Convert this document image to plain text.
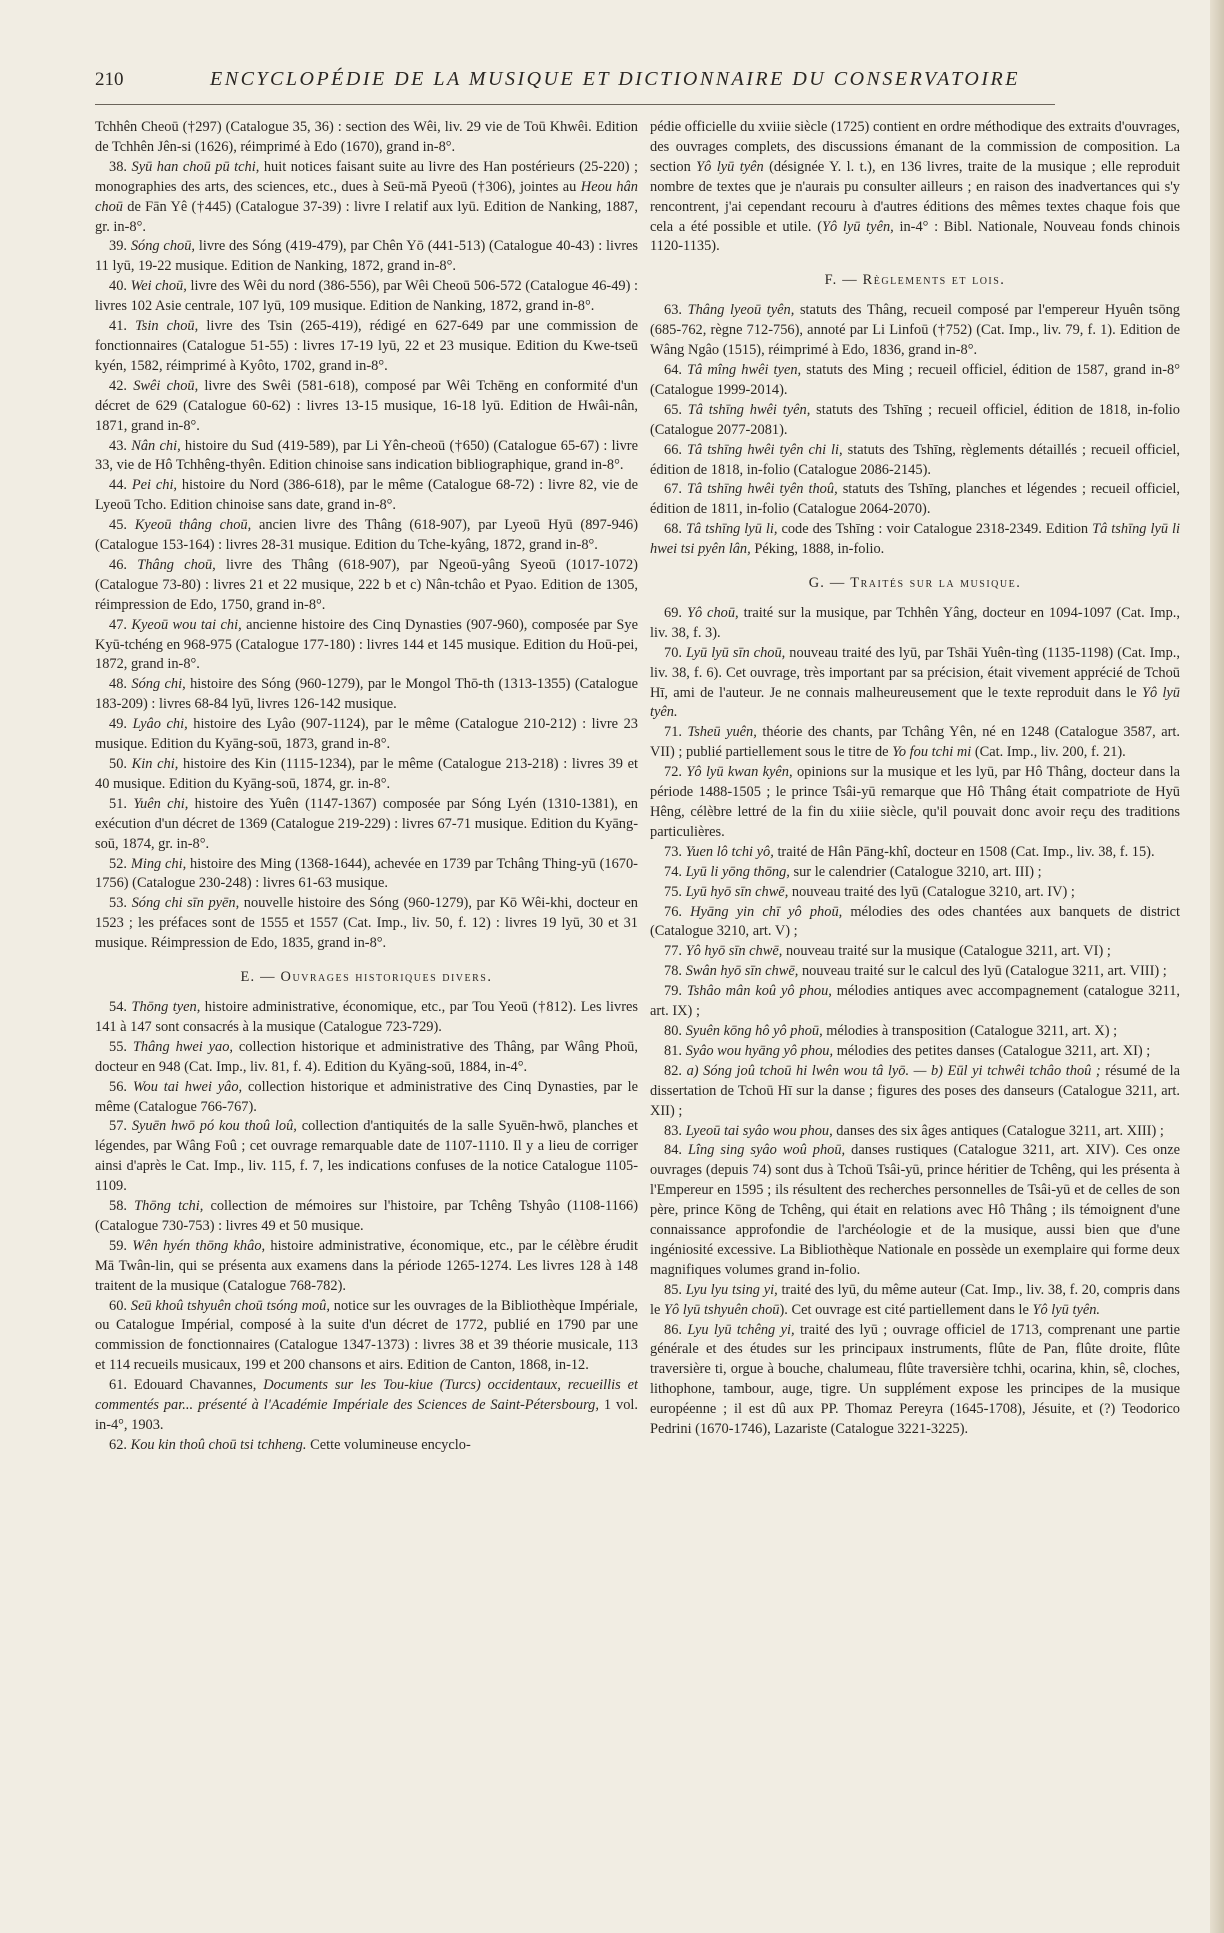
210	ENCYCLOPÉDIE DE LA MUSIQUE ET DICTIONNAIRE DU CONSERVATOIRE

Tchhên Cheoū (†297) (Catalogue 35, 36) : section des Wêi, liv. 29 vie de Toū Khwêi. Edition de Tchhên Jên-si (1626), réimprimé à Edo (1670), grand in-8°.

38. Syū han choū pū tchi, huit notices faisant suite au livre des Han postérieurs (25-220) ; monographies des arts, des sciences, etc., dues à Seū-mă Pyeoū (†306), jointes au Heou hân choū de Fān Yê (†445) (Catalogue 37-39) : livre I relatif aux lyū. Edition de Nanking, 1887, gr. in-8°.

39. Sóng choū, livre des Sóng (419-479), par Chên Yō (441-513) (Catalogue 40-43) : livres 11 lyū, 19-22 musique. Edition de Nanking, 1872, grand in-8°.

40. Wei choū, livre des Wêi du nord (386-556), par Wêi Cheoū 506-572 (Catalogue 46-49) : livres 102 Asie centrale, 107 lyū, 109 musique. Edition de Nanking, 1872, grand in-8°.

41. Tsin choū, livre des Tsin (265-419), rédigé en 627-649 par une commission de fonctionnaires (Catalogue 51-55) : livres 17-19 lyū, 22 et 23 musique. Edition du Kwe-tseū kyén, 1582, réimprimé à Kyôto, 1702, grand in-8°.

42. Swêi choū, livre des Swêi (581-618), composé par Wêi Tchēng en conformité d'un décret de 629 (Catalogue 60-62) : livres 13-15 musique, 16-18 lyū. Edition de Hwâi-nân, 1871, grand in-8°.

43. Nân chi, histoire du Sud (419-589), par Li Yên-cheoū (†650) (Catalogue 65-67) : livre 33, vie de Hô Tchhêng-thyên. Edition chinoise sans indication bibliographique, grand in-8°.

44. Pei chi, histoire du Nord (386-618), par le même (Catalogue 68-72) : livre 82, vie de Lyeoū Tcho. Edition chinoise sans date, grand in-8°.

45. Kyeoū thâng choū, ancien livre des Thâng (618-907), par Lyeoū Hyū (897-946) (Catalogue 153-164) : livres 28-31 musique. Edition du Tche-kyâng, 1872, grand in-8°.

46. Thâng choū, livre des Thâng (618-907), par Ngeoū-yâng Syeoū (1017-1072) (Catalogue 73-80) : livres 21 et 22 musique, 222 b et c) Nân-tchâo et Pyao. Edition de 1305, réimpression de Edo, 1750, grand in-8°.

47. Kyeoū wou tai chi, ancienne histoire des Cinq Dynasties (907-960), composée par Sye Kyū-tchéng en 968-975 (Catalogue 177-180) : livres 144 et 145 musique. Edition du Hoū-pei, 1872, grand in-8°.

48. Sóng chi, histoire des Sóng (960-1279), par le Mongol Thō-th (1313-1355) (Catalogue 183-209) : livres 68-84 lyū, livres 126-142 musique.

49. Lyâo chi, histoire des Lyâo (907-1124), par le même (Catalogue 210-212) : livre 23 musique. Edition du Kyāng-soū, 1873, grand in-8°.

50. Kin chi, histoire des Kin (1115-1234), par le même (Catalogue 213-218) : livres 39 et 40 musique. Edition du Kyāng-soū, 1874, gr. in-8°.

51. Yuên chi, histoire des Yuên (1147-1367) composée par Sóng Lyén (1310-1381), en exécution d'un décret de 1369 (Catalogue 219-229) : livres 67-71 musique. Edition du Kyāng-soū, 1874, gr. in-8°.

52. Ming chi, histoire des Ming (1368-1644), achevée en 1739 par Tchâng Thing-yū (1670-1756) (Catalogue 230-248) : livres 61-63 musique.

53. Sóng chi sīn pyēn, nouvelle histoire des Sóng (960-1279), par Kō Wêi-khi, docteur en 1523 ; les préfaces sont de 1555 et 1557 (Cat. Imp., liv. 50, f. 12) : livres 19 lyū, 30 et 31 musique. Réimpression de Edo, 1835, grand in-8°.

E. — Ouvrages historiques divers.

54. Thōng tyen, histoire administrative, économique, etc., par Tou Yeoū (†812). Les livres 141 à 147 sont consacrés à la musique (Catalogue 723-729).

55. Thâng hwei yao, collection historique et administrative des Thâng, par Wâng Phoū, docteur en 948 (Cat. Imp., liv. 81, f. 4). Edition du Kyāng-soū, 1884, in-4°.

56. Wou tai hwei yâo, collection historique et administrative des Cinq Dynasties, par le même (Catalogue 766-767).

57. Syuēn hwō pó kou thoû loû, collection d'antiquités de la salle Syuēn-hwō, planches et légendes, par Wâng Foû ; cet ouvrage remarquable date de 1107-1110. Il y a lieu de corriger ainsi d'après le Cat. Imp., liv. 115, f. 7, les indications confuses de la notice Catalogue 1105-1109.

58. Thōng tchi, collection de mémoires sur l'histoire, par Tchêng Tshyâo (1108-1166) (Catalogue 730-753) : livres 49 et 50 musique.

59. Wên hyén thōng khâo, histoire administrative, économique, etc., par le célèbre érudit Mā Twân-lin, qui se présenta aux examens dans la période 1265-1274. Les livres 128 à 148 traitent de la musique (Catalogue 768-782).

60. Seū khoû tshyuên choū tsóng moû, notice sur les ouvrages de la Bibliothèque Impériale, ou Catalogue Impérial, composé à la suite d'un décret de 1772, publié en 1790 par une commission de fonctionnaires (Catalogue 1347-1373) : livres 38 et 39 théorie musicale, 113 et 114 recueils musicaux, 199 et 200 chansons et airs. Edition de Canton, 1868, in-12.

61. Edouard Chavannes, Documents sur les Tou-kiue (Turcs) occidentaux, recueillis et commentés par... présenté à l'Académie Impériale des Sciences de Saint-Pétersbourg, 1 vol. in-4°, 1903.

62. Kou kin thoû choū tsi tchheng. Cette volumineuse encyclo-

pédie officielle du xviiie siècle (1725) contient en ordre méthodique des extraits d'ouvrages, des ouvrages complets, des discussions émanant de la commission de composition. La section Yô lyū tyên (désignée Y. l. t.), en 136 livres, traite de la musique ; elle reproduit nombre de textes que je n'aurais pu consulter ailleurs ; en raison des inadvertances qui s'y rencontrent, j'ai cependant recouru à d'autres éditions des mêmes textes chaque fois que cela a été possible et utile. (Yô lyū tyên, in-4° : Bibl. Nationale, Nouveau fonds chinois 1120-1135).

F. — Règlements et lois.

63. Thâng lyeoū tyên, statuts des Thâng, recueil composé par l'empereur Hyuên tsōng (685-762, règne 712-756), annoté par Li Linfoū (†752) (Cat. Imp., liv. 79, f. 1). Edition de Wâng Ngâo (1515), réimprimé à Edo, 1836, grand in-8°.

64. Tâ mîng hwêi tyen, statuts des Ming ; recueil officiel, édition de 1587, grand in-8° (Catalogue 1999-2014).

65. Tâ tshīng hwêi tyên, statuts des Tshīng ; recueil officiel, édition de 1818, in-folio (Catalogue 2077-2081).

66. Tâ tshīng hwêi tyên chi li, statuts des Tshīng, règlements détaillés ; recueil officiel, édition de 1818, in-folio (Catalogue 2086-2145).

67. Tâ tshīng hwêi tyên thoû, statuts des Tshīng, planches et légendes ; recueil officiel, édition de 1811, in-folio (Catalogue 2064-2070).

68. Tâ tshīng lyū li, code des Tshīng : voir Catalogue 2318-2349. Edition Tâ tshīng lyū li hwei tsi pyên lân, Péking, 1888, in-folio.

G. — Traités sur la musique.

69. Yô choū, traité sur la musique, par Tchhên Yâng, docteur en 1094-1097 (Cat. Imp., liv. 38, f. 3).

70. Lyū lyū sīn choū, nouveau traité des lyū, par Tshāi Yuên-tìng (1135-1198) (Cat. Imp., liv. 38, f. 6). Cet ouvrage, très important par sa précision, était vivement apprécié de Tchoū Hī, ami de l'auteur. Je ne connais malheureusement que le texte reproduit dans le Yô lyū tyên.

71. Tsheū yuên, théorie des chants, par Tchâng Yên, né en 1248 (Catalogue 3587, art. VII) ; publié partiellement sous le titre de Yo fou tchi mi (Cat. Imp., liv. 200, f. 21).

72. Yô lyū kwan kyên, opinions sur la musique et les lyū, par Hô Thâng, docteur dans la période 1488-1505 ; le prince Tsâi-yū remarque que Hô Thâng était compatriote de Hyū Hêng, célèbre lettré de la fin du xiiie siècle, qu'il pouvait donc avoir reçu des traditions particulières.

73. Yuen lô tchi yô, traité de Hân Pāng-khî, docteur en 1508 (Cat. Imp., liv. 38, f. 15).

74. Lyū li yōng thōng, sur le calendrier (Catalogue 3210, art. III) ;

75. Lyū hyō sīn chwē, nouveau traité des lyū (Catalogue 3210, art. IV) ;

76. Hyāng yin chī yô phoū, mélodies des odes chantées aux banquets de district (Catalogue 3210, art. V) ;

77. Yô hyō sīn chwē, nouveau traité sur la musique (Catalogue 3211, art. VI) ;

78. Swân hyō sīn chwē, nouveau traité sur le calcul des lyū (Catalogue 3211, art. VIII) ;

79. Tshâo mân koû yô phou, mélodies antiques avec accompagnement (catalogue 3211, art. IX) ;

80. Syuên kōng hô yô phoū, mélodies à transposition (Catalogue 3211, art. X) ;

81. Syâo wou hyāng yô phou, mélodies des petites danses (Catalogue 3211, art. XI) ;

82. a) Sóng joû tchoū hi lwên wou tâ lyō. — b) Eūl yi tchwêi tchâo thoû ; résumé de la dissertation de Tchoū Hī sur la danse ; figures des poses des danseurs (Catalogue 3211, art. XII) ;

83. Lyeoū tai syâo wou phou, danses des six âges antiques (Catalogue 3211, art. XIII) ;

84. Lîng sing syâo woû phoū, danses rustiques (Catalogue 3211, art. XIV). Ces onze ouvrages (depuis 74) sont dus à Tchoū Tsâi-yū, prince héritier de Tchêng, qui les présenta à l'Empereur en 1595 ; ils résultent des recherches personnelles de Tsâi-yū et de celles de son père, prince Kōng de Tchêng, qui était en relations avec Hô Thâng ; ils témoignent d'une connaissance approfondie de l'archéologie et de la musique, aussi bien que d'une ingéniosité excessive. La Bibliothèque Nationale en possède un exemplaire qui forme deux magnifiques volumes grand in-folio.

85. Lyu lyu tsing yi, traité des lyū, du même auteur (Cat. Imp., liv. 38, f. 20, compris dans le Yô lyū tshyuên choū). Cet ouvrage est cité partiellement dans le Yô lyū tyên.

86. Lyu lyū tchêng yi, traité des lyū ; ouvrage officiel de 1713, comprenant une partie générale et des études sur les principaux instruments, flûte de Pan, flûte droite, flûte traversière ti, orgue à bouche, chalumeau, flûte traversière tchhi, ocarina, khin, sê, cloches, lithophone, tambour, auge, tigre. Un supplément expose les principes de la musique européenne ; il est dû aux PP. Thomaz Pereyra (1645-1708), Jésuite, et (?) Teodorico Pedrini (1670-1746), Lazariste (Catalogue 3221-3225).
